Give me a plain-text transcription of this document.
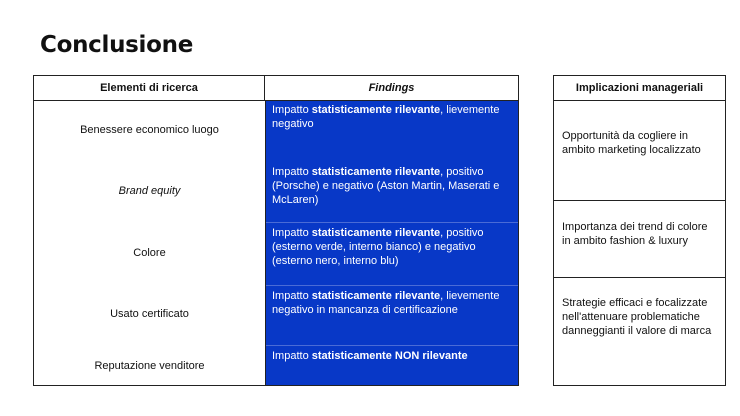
Conclusione
Elementi di ricerca	Findings
Benessere economico luogo
Brand equity
Colore
Usato certificato
Reputazione venditore
Impatto statisticamente rilevante, lievemente negativo
Impatto statisticamente rilevante, positivo (Porsche) e negativo (Aston Martin, Maserati e McLaren)
Impatto statisticamente rilevante, positivo (esterno verde, interno bianco) e negativo (esterno nero, interno blu)
Impatto statisticamente rilevante, lievemente negativo in mancanza di certificazione
Impatto statisticamente NON rilevante
Implicazioni manageriali
Opportunità da cogliere in ambito marketing localizzato
Importanza dei trend di colore in ambito fashion & luxury
Strategie efficaci e focalizzate nell'attenuare problematiche danneggianti il valore di marca
